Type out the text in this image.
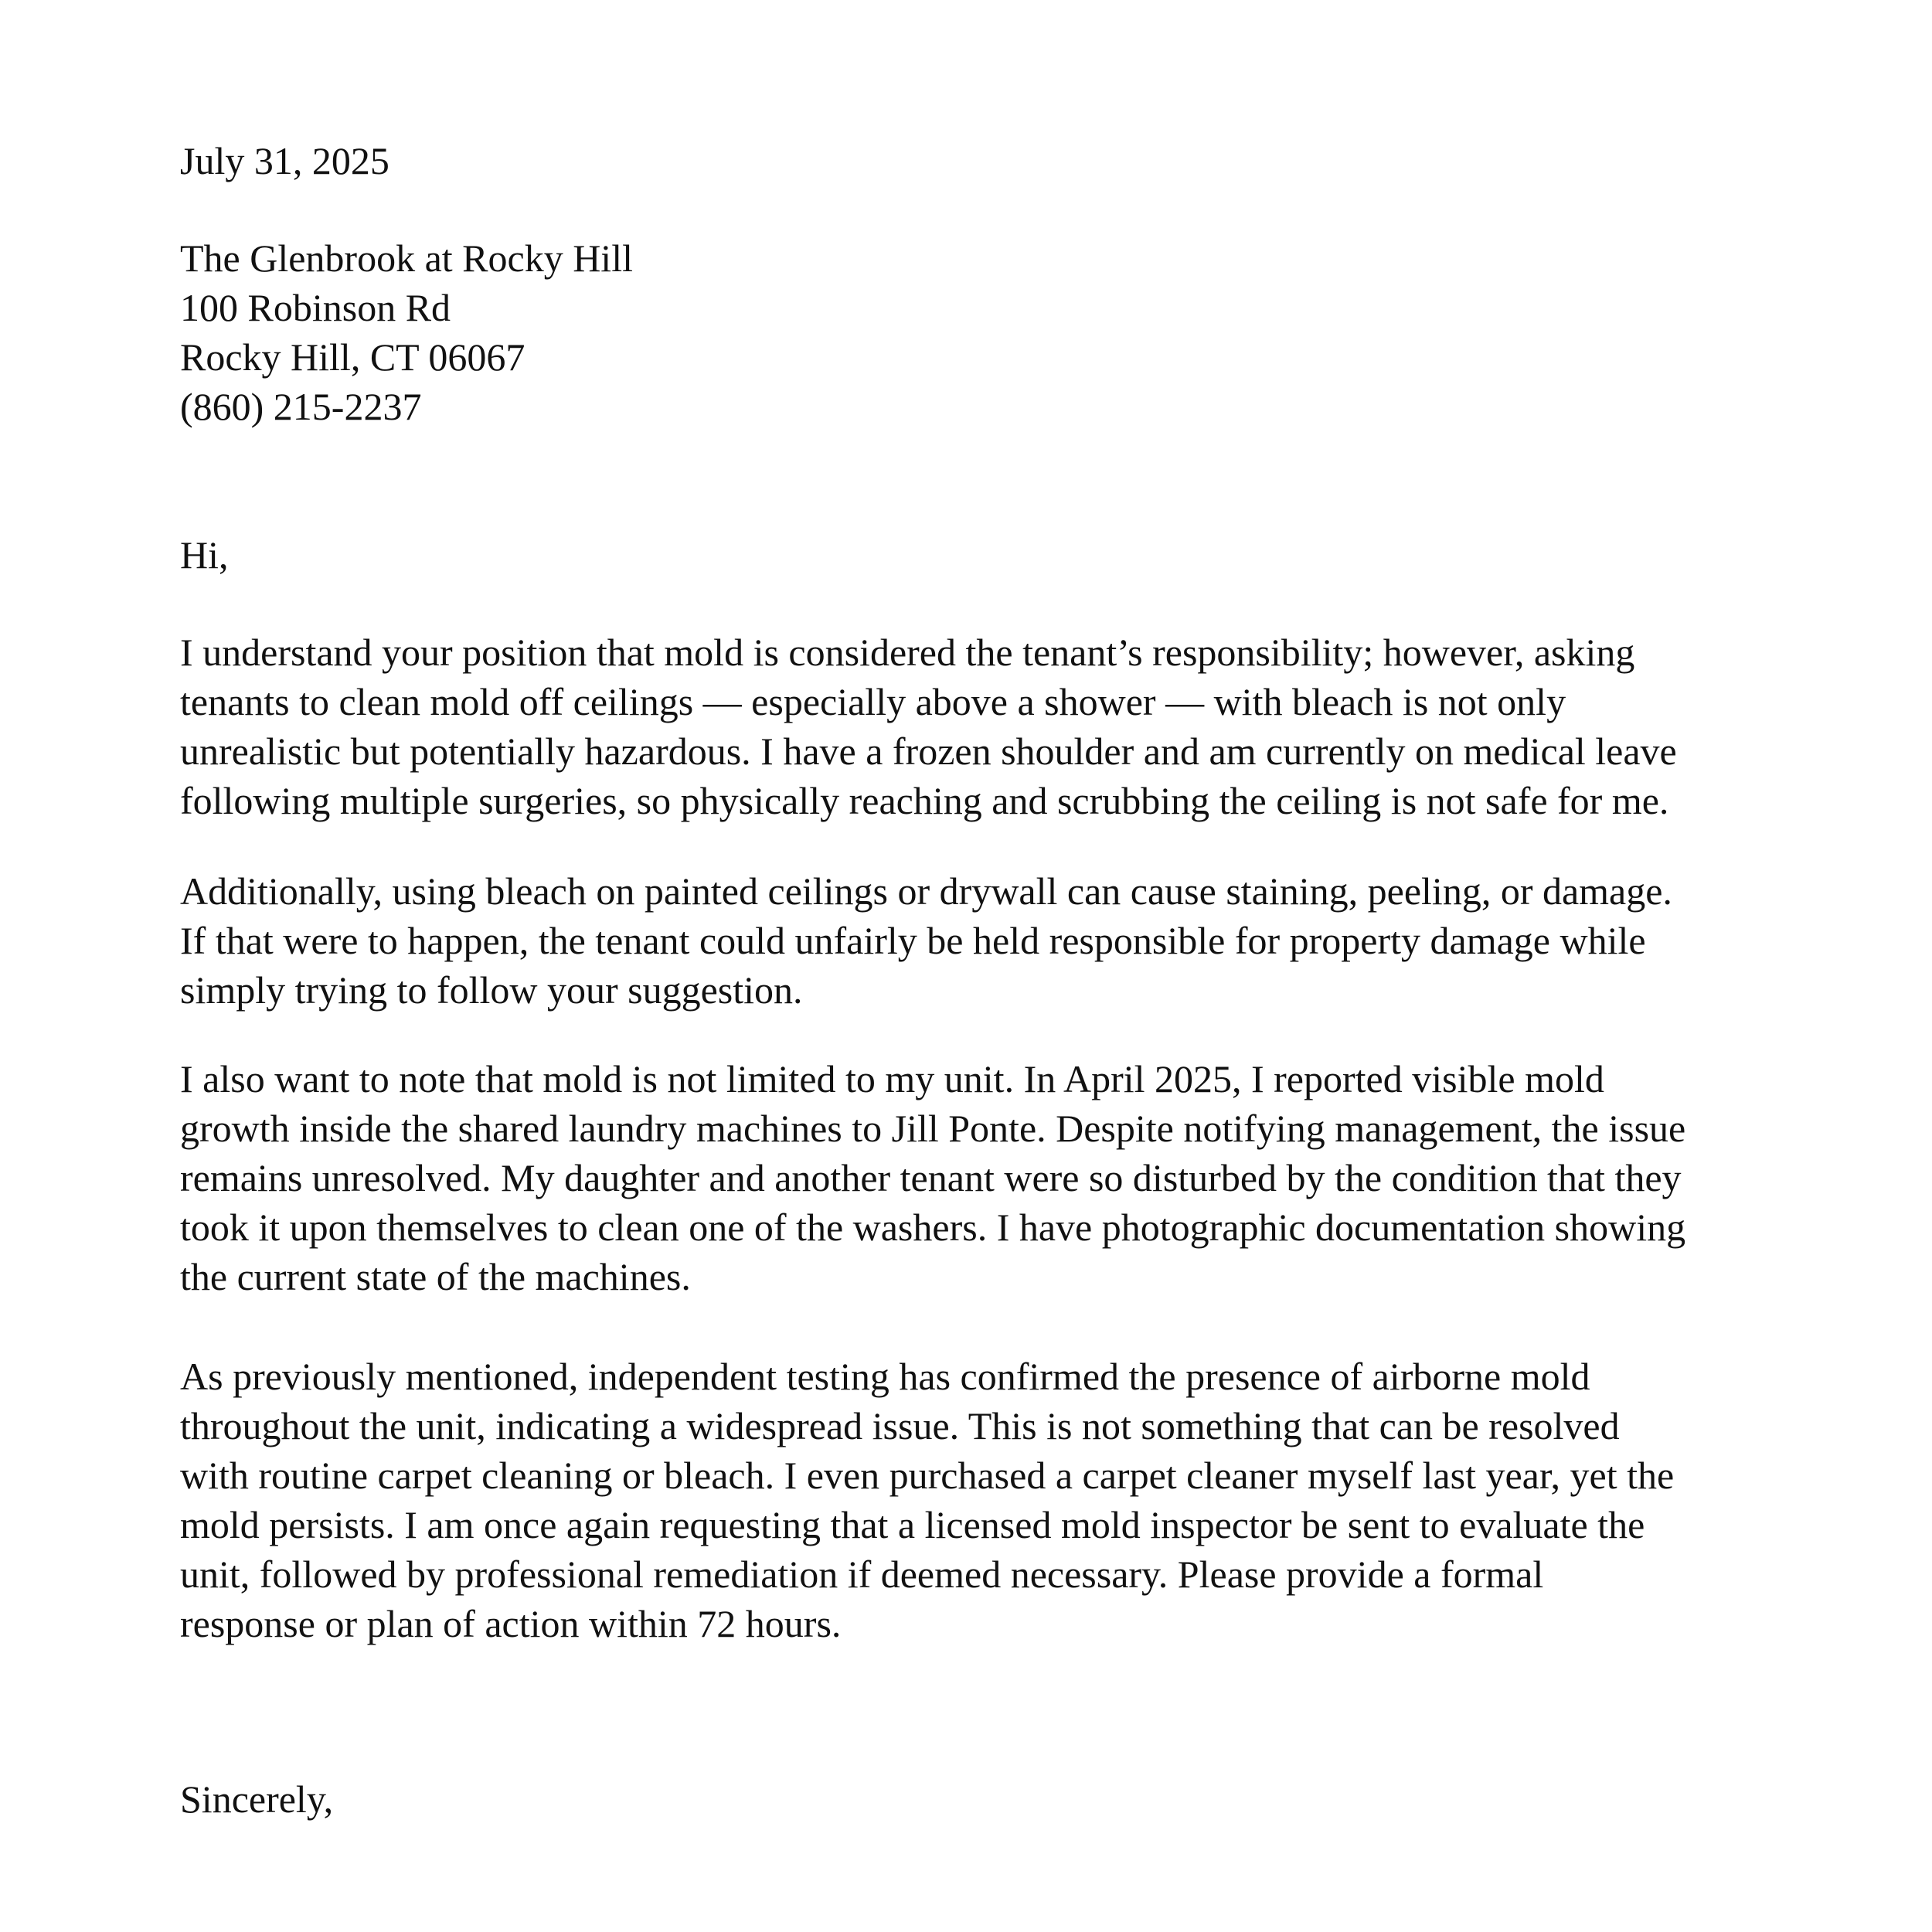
July 31, 2025
The Glenbrook at Rocky Hill
100 Robinson Rd
Rocky Hill, CT 06067
(860) 215-2237
Hi,
I understand your position that mold is considered the tenant’s responsibility; however, asking
tenants to clean mold off ceilings — especially above a shower — with bleach is not only
unrealistic but potentially hazardous. I have a frozen shoulder and am currently on medical leave
following multiple surgeries, so physically reaching and scrubbing the ceiling is not safe for me.
Additionally, using bleach on painted ceilings or drywall can cause staining, peeling, or damage.
If that were to happen, the tenant could unfairly be held responsible for property damage while
simply trying to follow your suggestion.
I also want to note that mold is not limited to my unit. In April 2025, I reported visible mold
growth inside the shared laundry machines to Jill Ponte. Despite notifying management, the issue
remains unresolved. My daughter and another tenant were so disturbed by the condition that they
took it upon themselves to clean one of the washers. I have photographic documentation showing
the current state of the machines.
As previously mentioned, independent testing has confirmed the presence of airborne mold
throughout the unit, indicating a widespread issue. This is not something that can be resolved
with routine carpet cleaning or bleach. I even purchased a carpet cleaner myself last year, yet the
mold persists. I am once again requesting that a licensed mold inspector be sent to evaluate the
unit, followed by professional remediation if deemed necessary. Please provide a formal
response or plan of action within 72 hours.
Sincerely,
